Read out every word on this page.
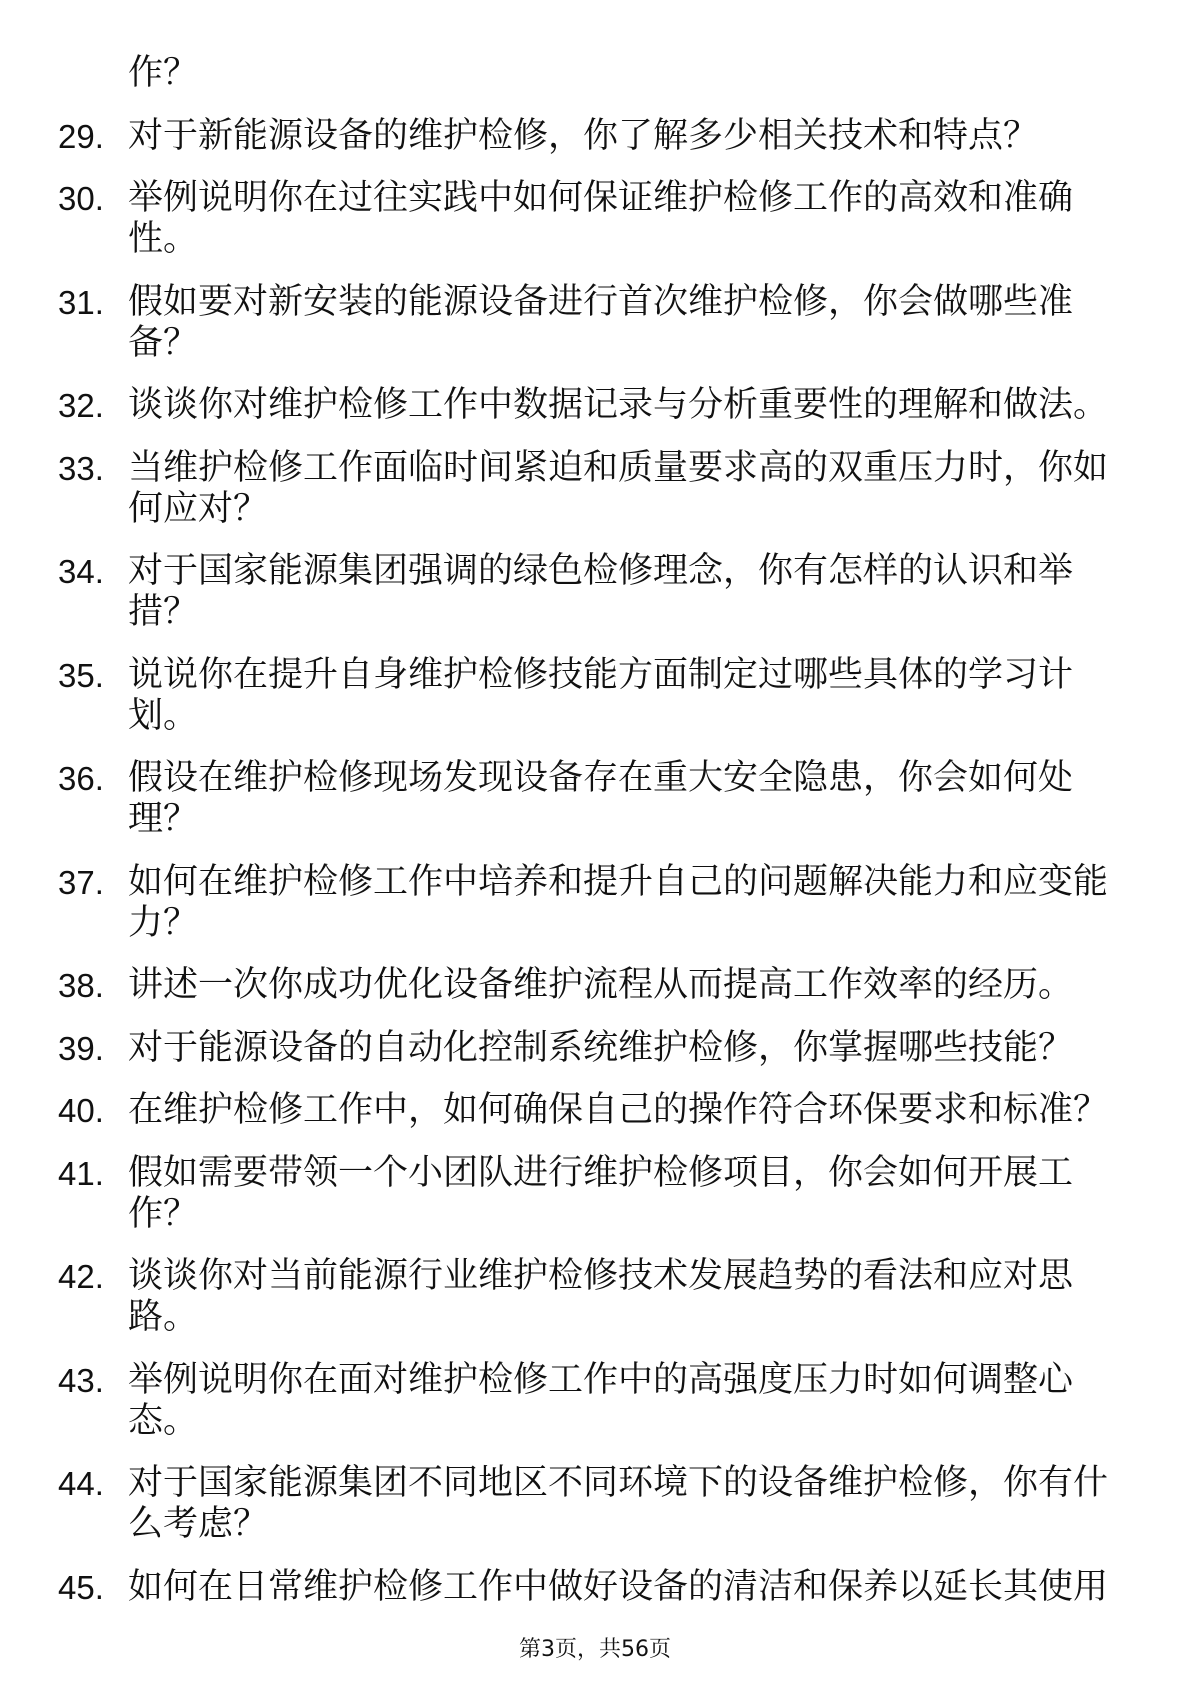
作？
29. 对于新能源设备的维护检修，你了解多少相关技术和特点？
30. 举例说明你在过往实践中如何保证维护检修工作的高效和准确
性。
31. 假如要对新安装的能源设备进行首次维护检修，你会做哪些准
备？
32. 谈谈你对维护检修工作中数据记录与分析重要性的理解和做法。
33. 当维护检修工作面临时间紧迫和质量要求高的双重压力时，你如
何应对？
34. 对于国家能源集团强调的绿色检修理念，你有怎样的认识和举
措？
35. 说说你在提升自身维护检修技能方面制定过哪些具体的学习计
划。
36. 假设在维护检修现场发现设备存在重大安全隐患，你会如何处
理？
37. 如何在维护检修工作中培养和提升自己的问题解决能力和应变能
力？
38. 讲述一次你成功优化设备维护流程从而提高工作效率的经历。
39. 对于能源设备的自动化控制系统维护检修，你掌握哪些技能？
40. 在维护检修工作中，如何确保自己的操作符合环保要求和标准？
41. 假如需要带领一个小团队进行维护检修项目，你会如何开展工
作？
42. 谈谈你对当前能源行业维护检修技术发展趋势的看法和应对思
路。
43. 举例说明你在面对维护检修工作中的高强度压力时如何调整心
态。
44. 对于国家能源集团不同地区不同环境下的设备维护检修，你有什
么考虑？
45. 如何在日常维护检修工作中做好设备的清洁和保养以延长其使用
第3页，共56页
